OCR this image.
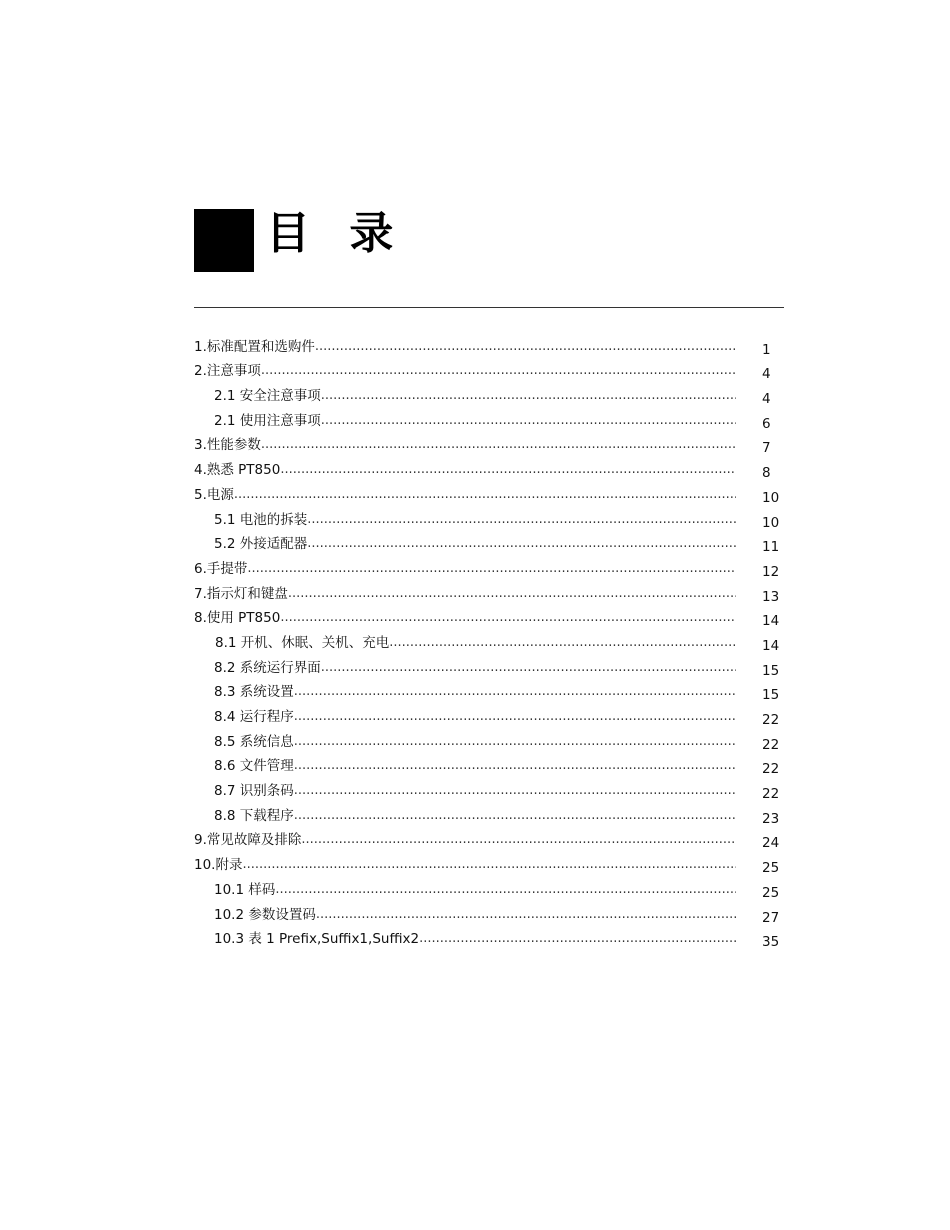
目 录
1.标准配置和选购件 .....	1
2.注意事项 .....	4
2.1 安全注意事项 .....	4
2.1 使用注意事项 .....	6
3.性能参数 .....	7
4.熟悉 PT850 .....	8
5.电源 .....	10
5.1 电池的拆装 .....	10
5.2 外接适配器 .....	11
6.手提带 .....	12
7.指示灯和键盘 .....	13
8.使用 PT850 .....	14
8.1 开机、休眠、关机、充电 .....	14
8.2 系统运行界面 .....	15
8.3 系统设置 .....	15
8.4 运行程序 .....	22
8.5 系统信息 .....	22
8.6 文件管理 .....	22
8.7 识别条码 .....	22
8.8 下载程序 .....	23
9.常见故障及排除 .....	24
10.附录 .....	25
10.1 样码 .....	25
10.2 参数设置码 .....	27
10.3 表 1 Prefix,Suffix1,Suffix2 .....	35
